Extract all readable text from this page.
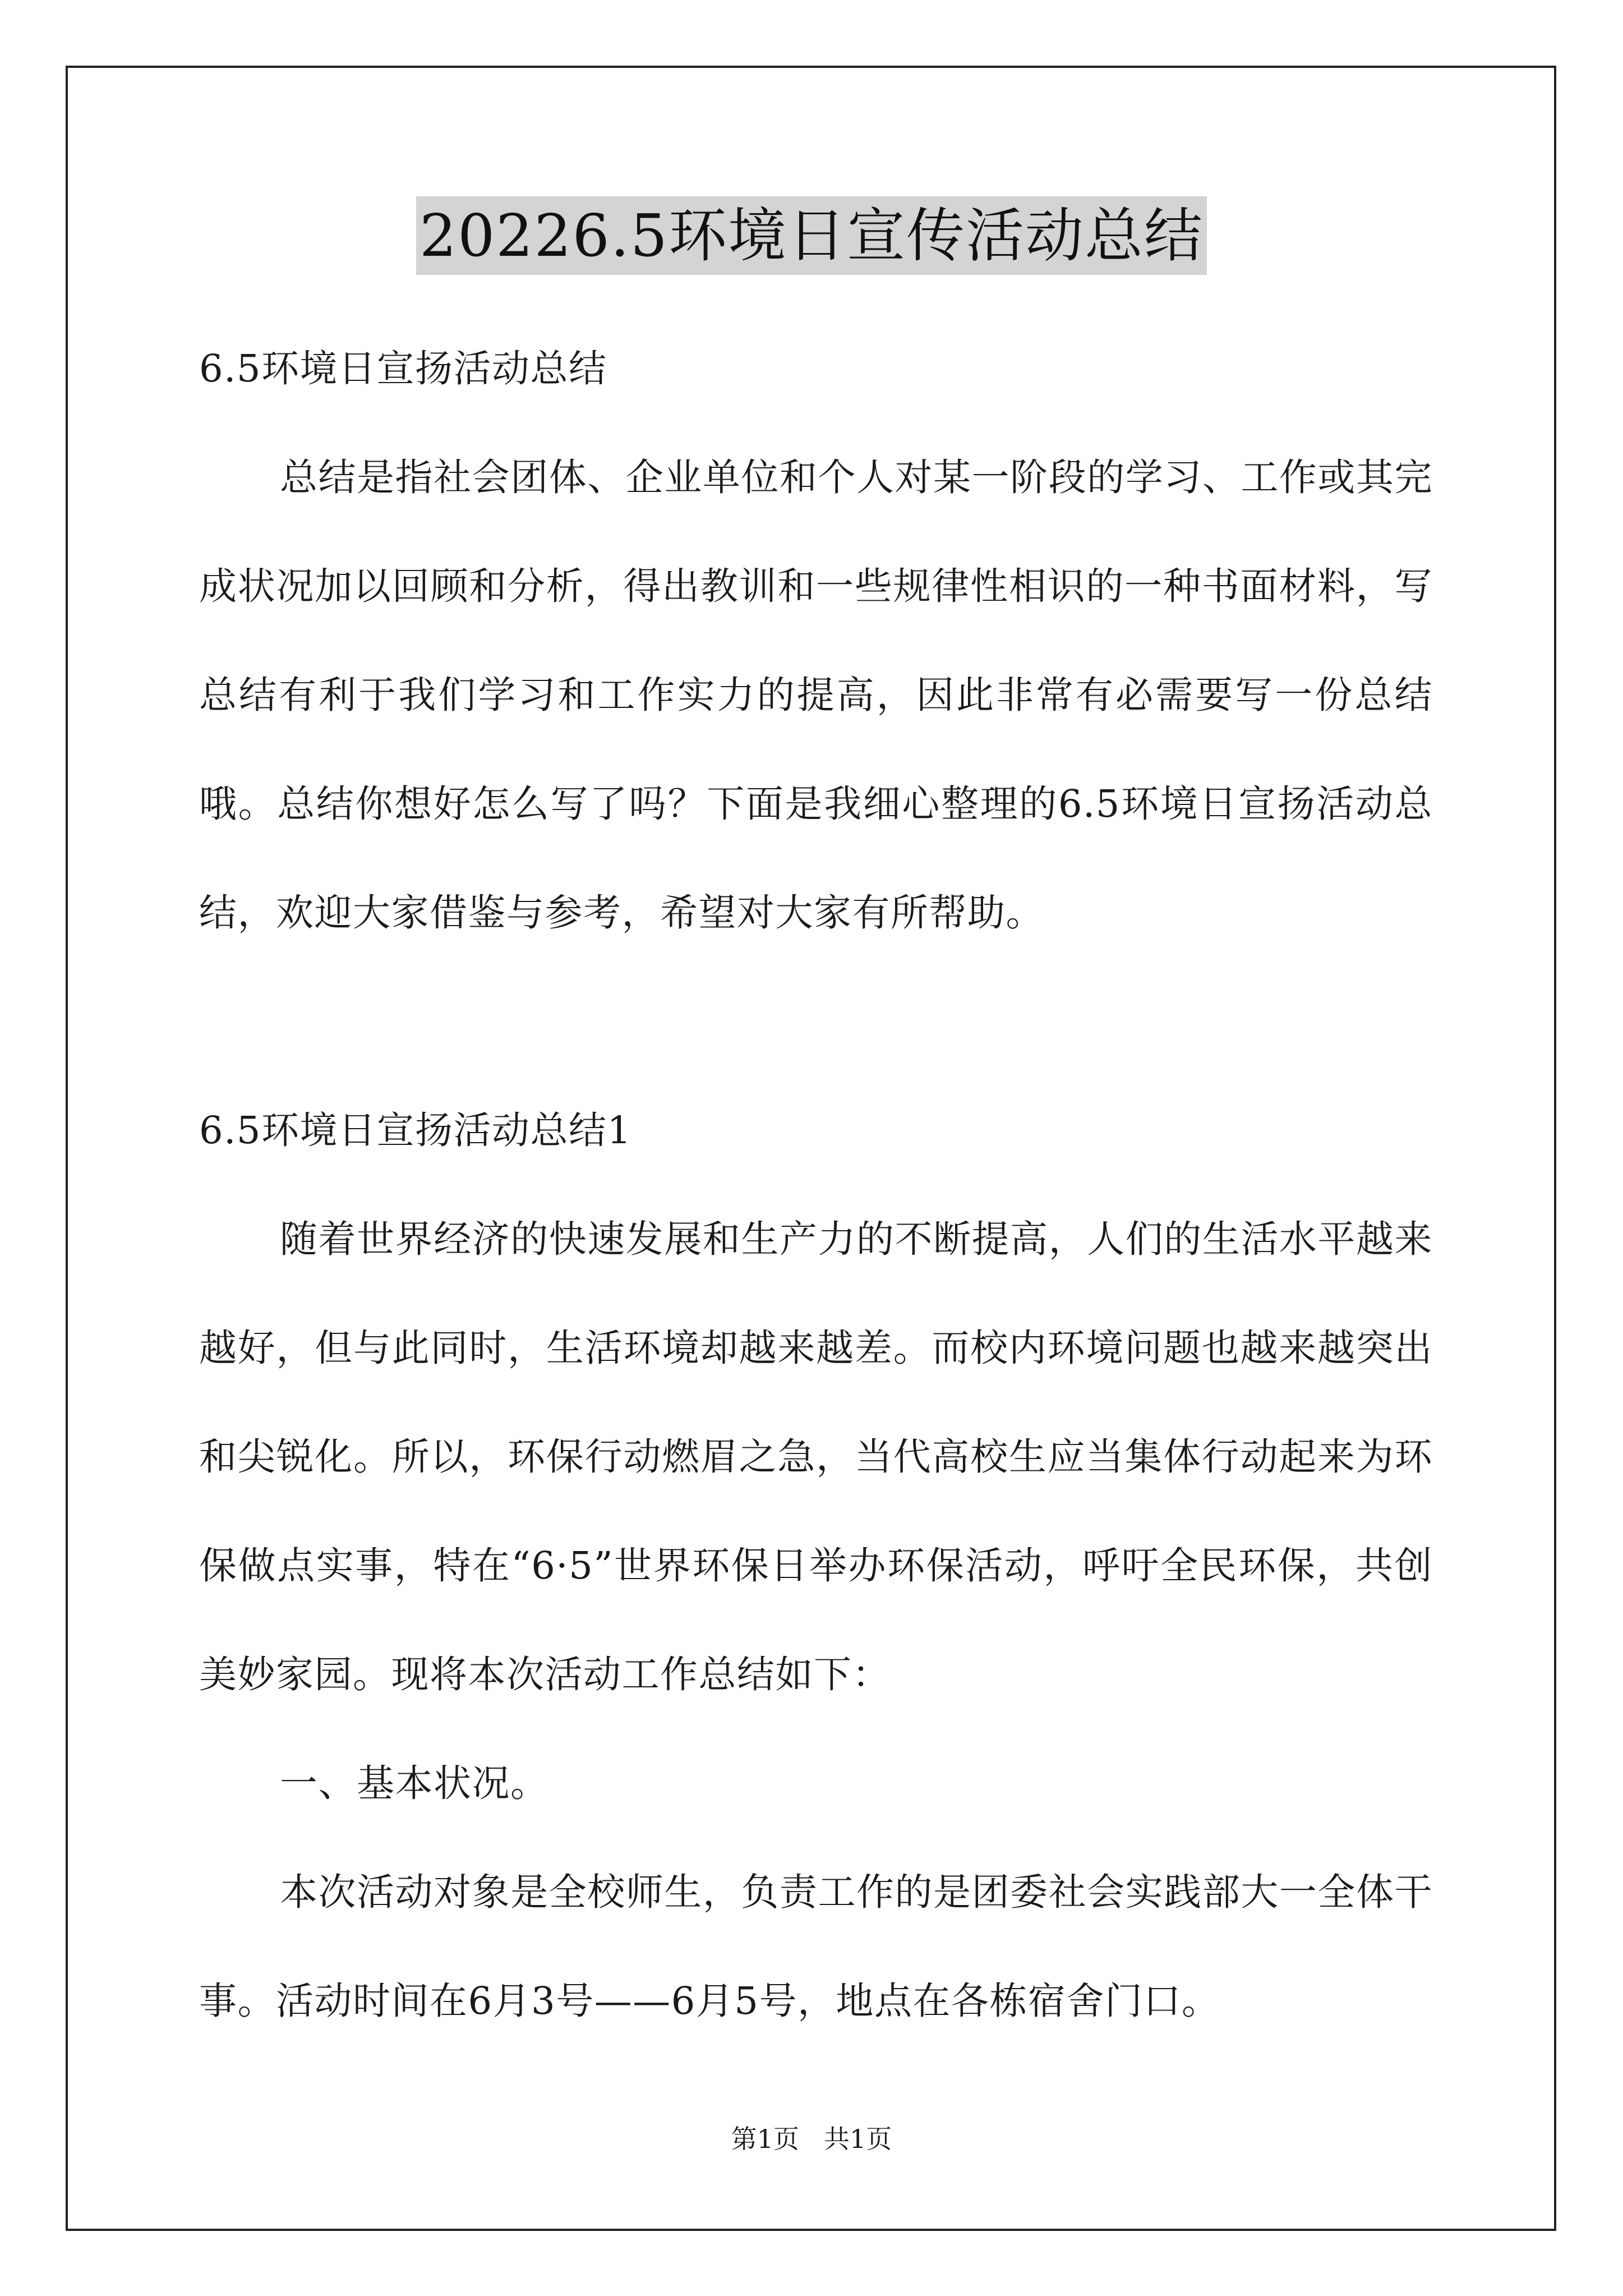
20226.5环境日宣传活动总结

6.5环境日宣扬活动总结

总结是指社会团体、企业单位和个人对某一阶段的学习、工作或其完成状况加以回顾和分析，得出教训和一些规律性相识的一种书面材料，写总结有利于我们学习和工作实力的提高，因此非常有必需要写一份总结哦。总结你想好怎么写了吗？下面是我细心整理的6.5环境日宣扬活动总结，欢迎大家借鉴与参考，希望对大家有所帮助。

6.5环境日宣扬活动总结1

随着世界经济的快速发展和生产力的不断提高，人们的生活水平越来越好，但与此同时，生活环境却越来越差。而校内环境问题也越来越突出和尖锐化。所以，环保行动燃眉之急，当代高校生应当集体行动起来为环保做点实事，特在“6·5”世界环保日举办环保活动，呼吁全民环保，共创美妙家园。现将本次活动工作总结如下：

一、基本状况。

本次活动对象是全校师生，负责工作的是团委社会实践部大一全体干事。活动时间在6月3号——6月5号，地点在各栋宿舍门口。

第1页 共1页
